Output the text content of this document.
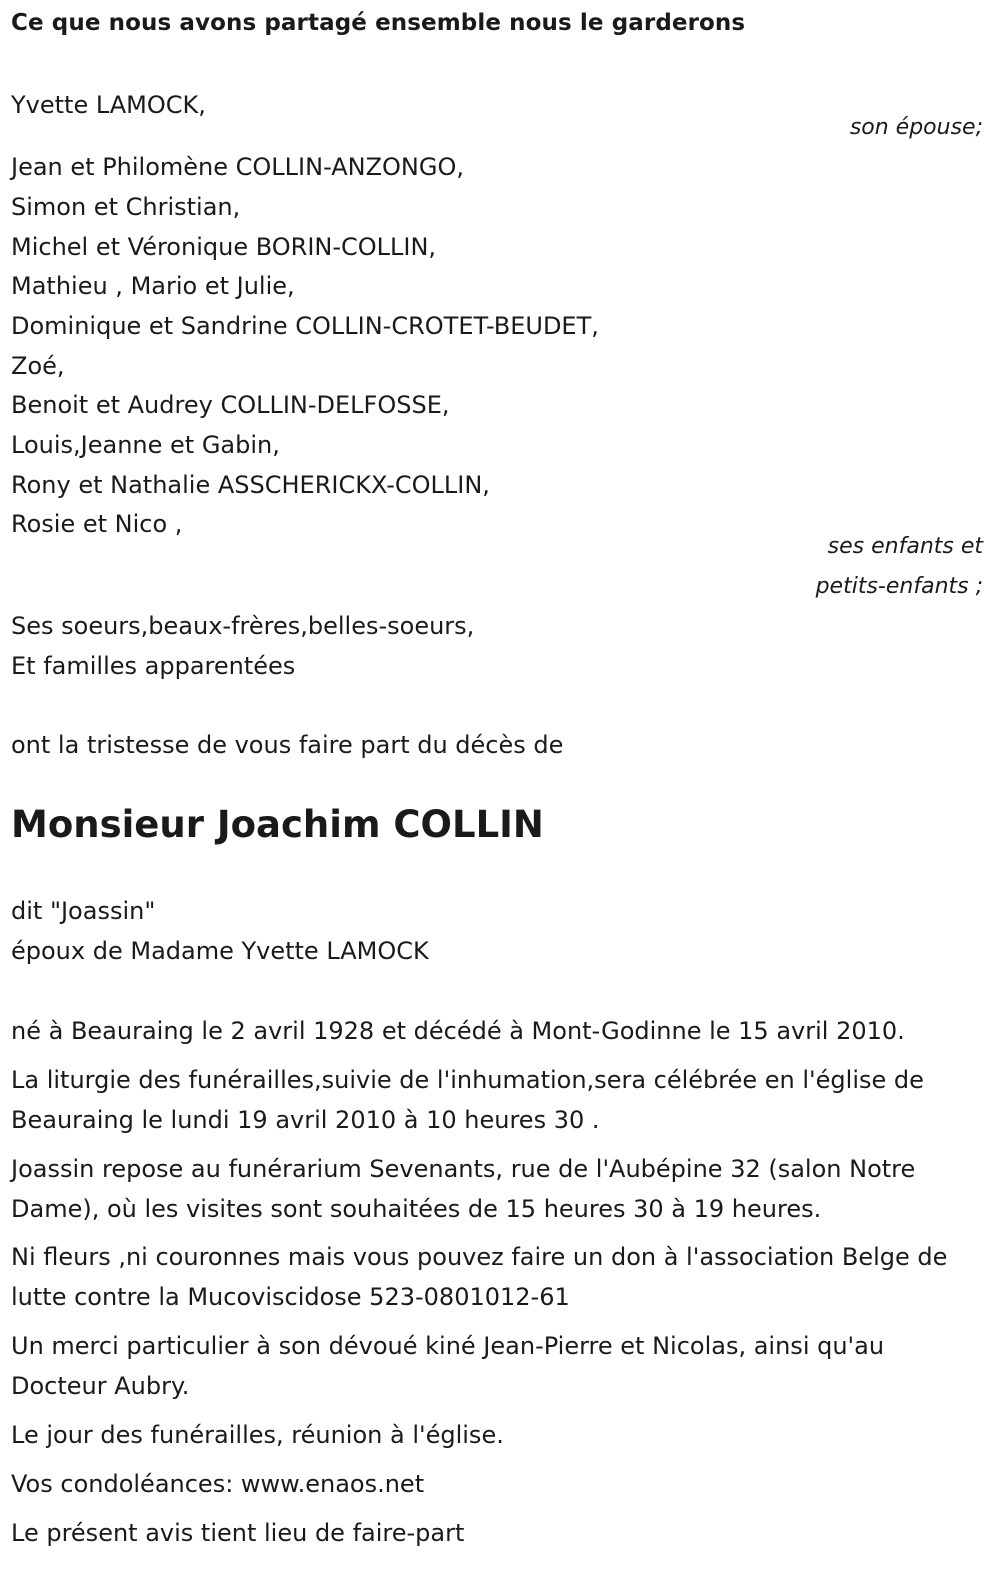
Ce que nous avons partagé ensemble nous le garderons
Yvette LAMOCK,
son épouse;
Jean et Philomène COLLIN-ANZONGO,
Simon et Christian,
Michel et Véronique BORIN-COLLIN,
Mathieu , Mario et Julie,
Dominique et Sandrine COLLIN-CROTET-BEUDET,
Zoé,
Benoit et Audrey COLLIN-DELFOSSE,
Louis,Jeanne et Gabin,
Rony et Nathalie ASSCHERICKX-COLLIN,
Rosie et Nico ,
ses enfants et
petits-enfants ;
Ses soeurs,beaux-frères,belles-soeurs,
Et familles apparentées
ont la tristesse de vous faire part du décès de
Monsieur Joachim COLLIN
dit "Joassin"
époux de Madame Yvette LAMOCK
né à Beauraing le 2 avril 1928 et décédé à Mont-Godinne le 15 avril 2010.
La liturgie des funérailles,suivie de l'inhumation,sera célébrée en l'église de Beauraing le lundi 19 avril 2010 à 10 heures 30 .
Joassin repose au funérarium Sevenants, rue de l'Aubépine 32 (salon Notre Dame), où les visites sont souhaitées de 15 heures 30 à 19 heures.
Ni fleurs ,ni couronnes mais vous pouvez faire un don à l'association Belge de lutte contre la Mucoviscidose 523-0801012-61
Un merci particulier à son dévoué kiné Jean-Pierre et Nicolas, ainsi qu'au Docteur Aubry.
Le jour des funérailles, réunion à l'église.
Vos condoléances: www.enaos.net
Le présent avis tient lieu de faire-part
